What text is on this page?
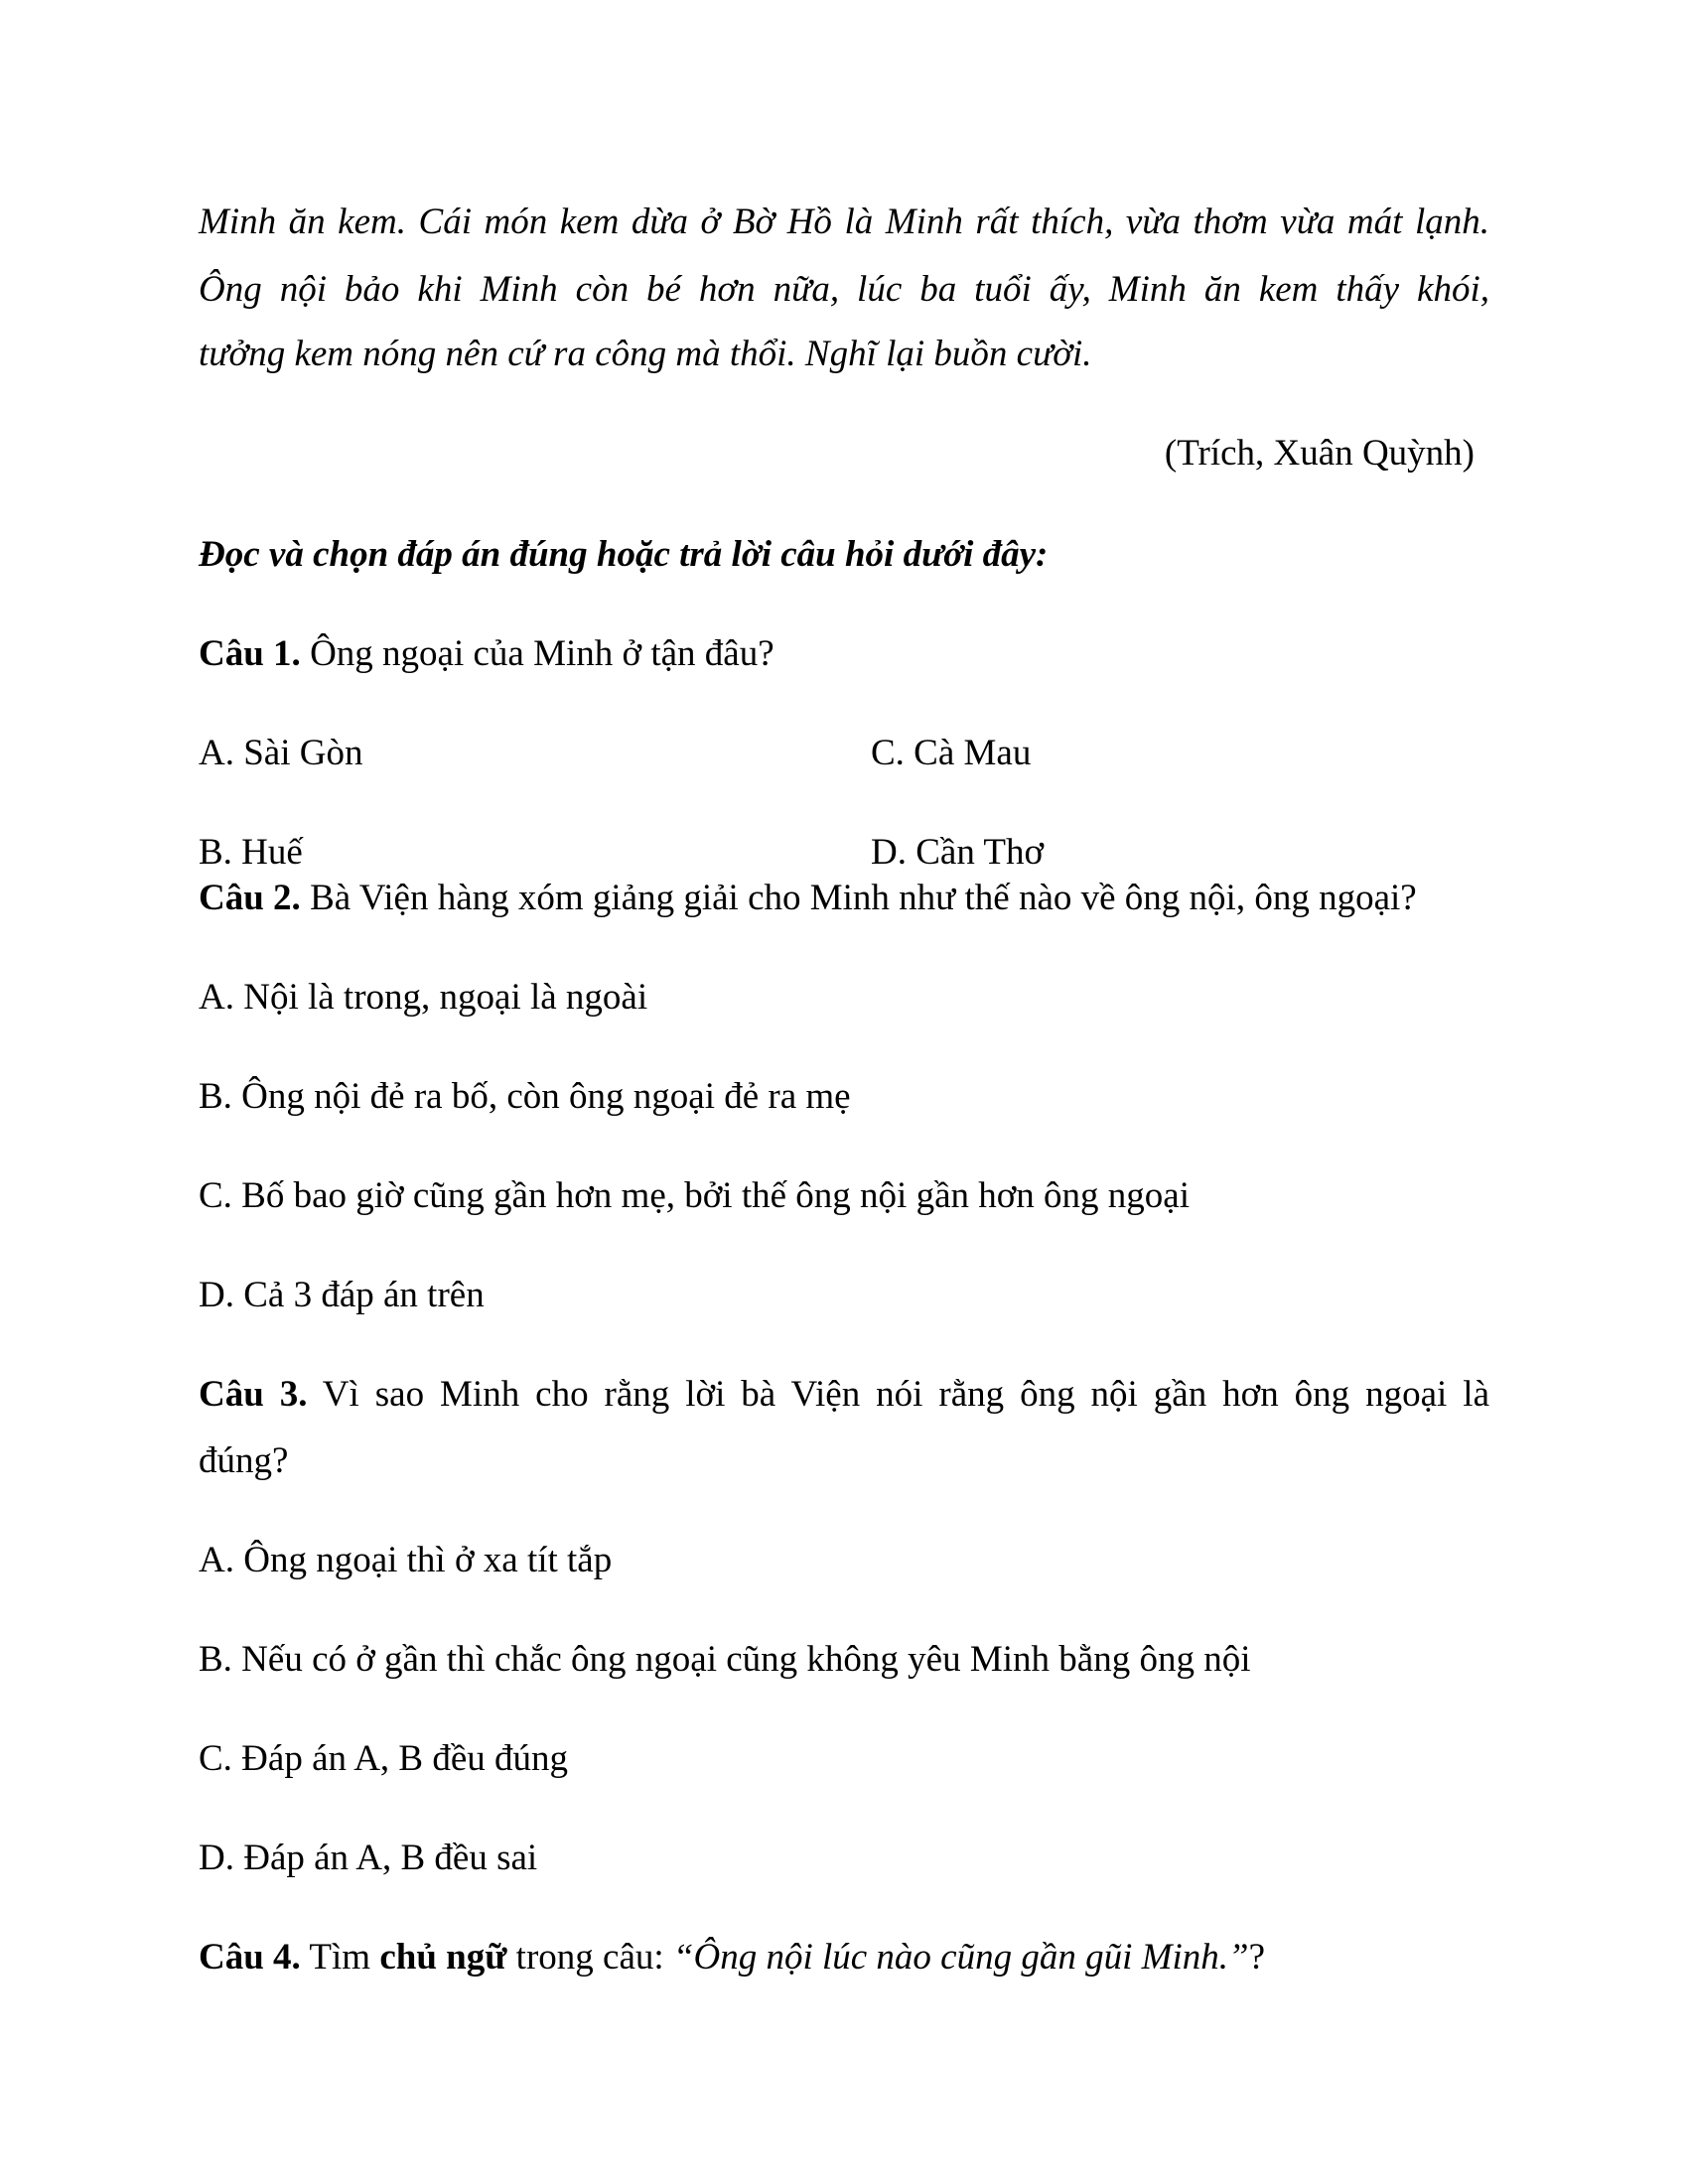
Minh ăn kem. Cái món kem dừa ở Bờ Hồ là Minh rất thích, vừa thơm vừa mát lạnh.
Ông nội bảo khi Minh còn bé hơn nữa, lúc ba tuổi ấy, Minh ăn kem thấy khói,
tưởng kem nóng nên cứ ra công mà thổi. Nghĩ lại buồn cười.
(Trích, Xuân Quỳnh)
Đọc và chọn đáp án đúng hoặc trả lời câu hỏi dưới đây:
Câu 1. Ông ngoại của Minh ở tận đâu?
A. Sài Gòn	C. Cà Mau
B. Huế	D. Cần Thơ
Câu 2. Bà Viện hàng xóm giảng giải cho Minh như thế nào về ông nội, ông ngoại?
A. Nội là trong, ngoại là ngoài
B. Ông nội đẻ ra bố, còn ông ngoại đẻ ra mẹ
C. Bố bao giờ cũng gần hơn mẹ, bởi thế ông nội gần hơn ông ngoại
D. Cả 3 đáp án trên
Câu 3. Vì sao Minh cho rằng lời bà Viện nói rằng ông nội gần hơn ông ngoại là
đúng?
A. Ông ngoại thì ở xa tít tắp
B. Nếu có ở gần thì chắc ông ngoại cũng không yêu Minh bằng ông nội
C. Đáp án A, B đều đúng
D. Đáp án A, B đều sai
Câu 4. Tìm chủ ngữ trong câu: “Ông nội lúc nào cũng gần gũi Minh.”?
